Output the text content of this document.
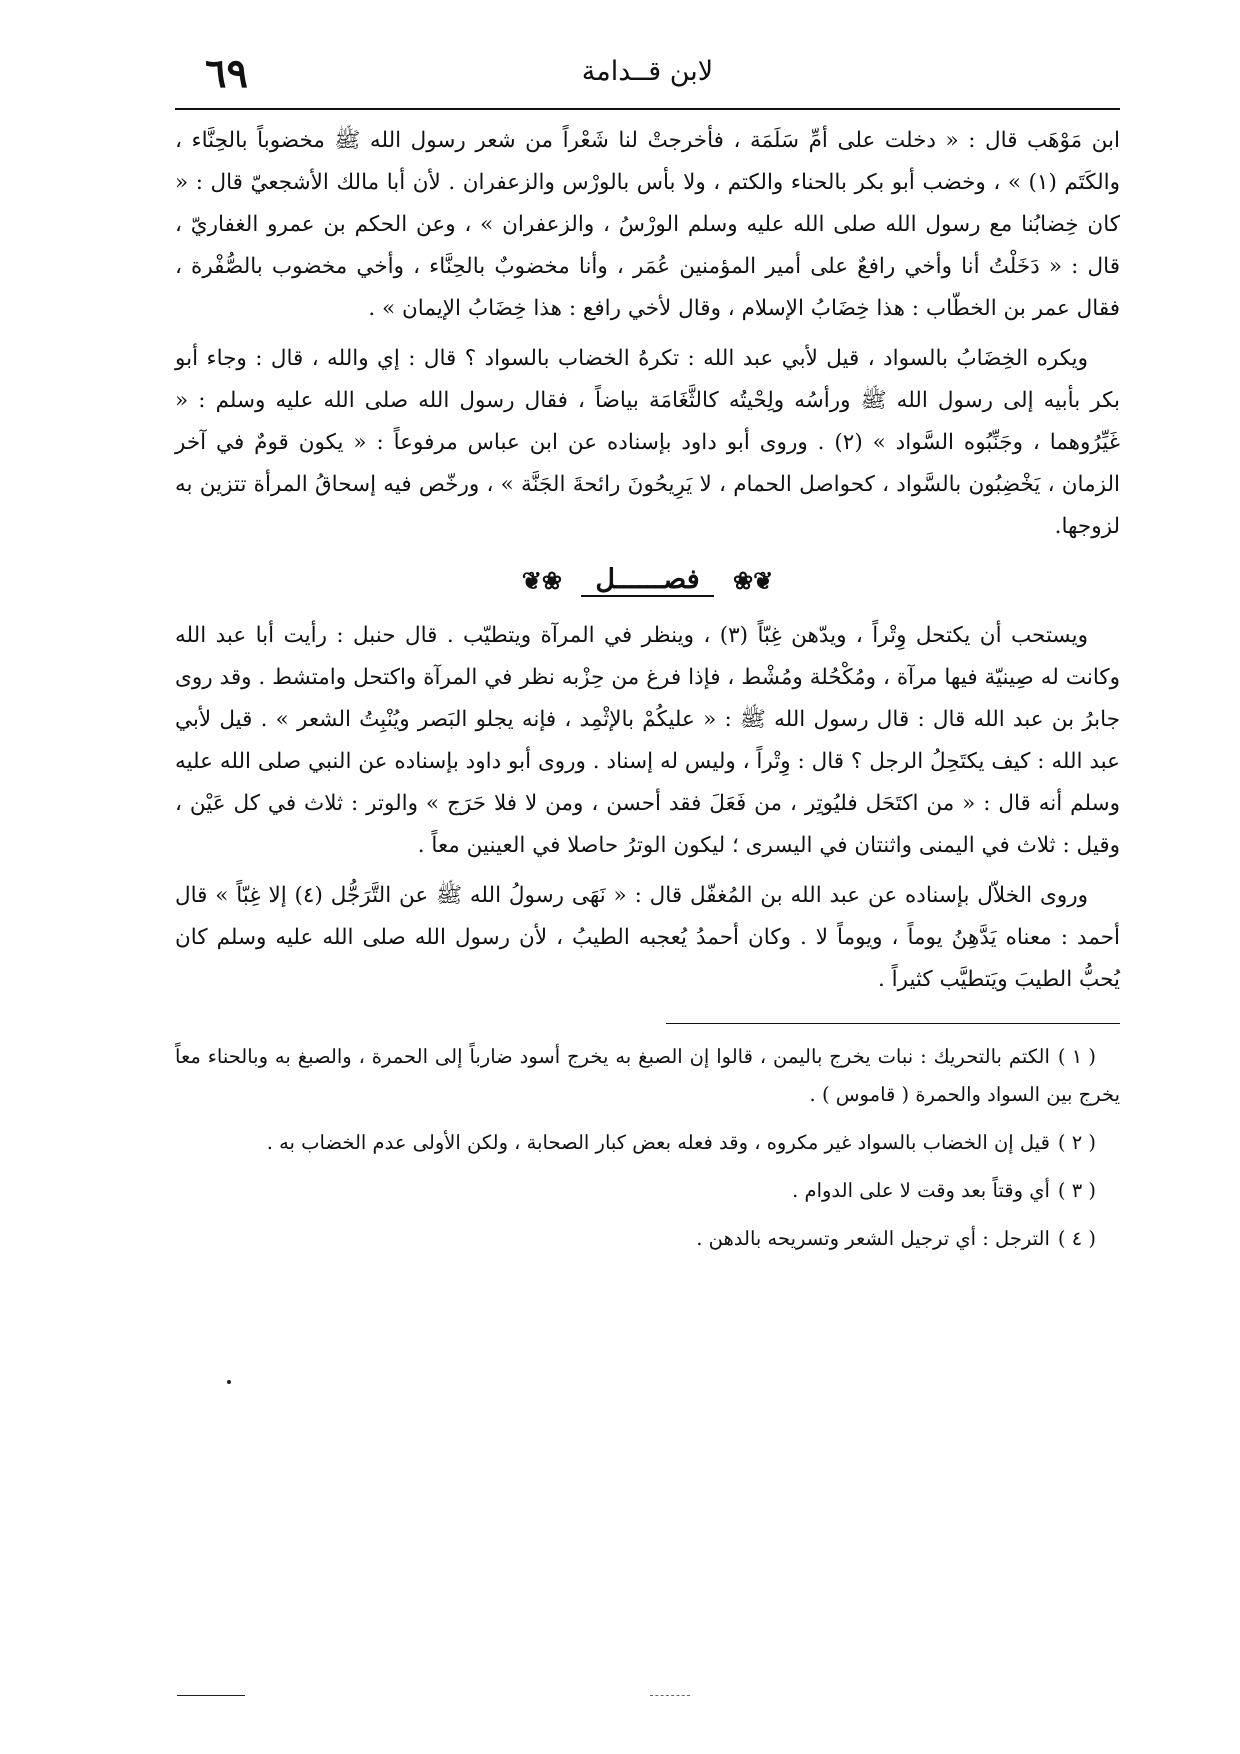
لابن قــدامة
٦٩

ابن مَوْهَب قال : « دخلت على أمِّ سَلَمَة ، فأخرجتْ لنا شَعْراً من شعر رسول الله ﷺ مخضوباً بالحِنَّاء ، والكَتَم (١) » ، وخضب أبو بكر بالحناء والكتم ، ولا بأس بالورْس والزعفران . لأن أبا مالك الأشجعيّ قال : « كان خِضابُنا مع رسول الله صلى الله عليه وسلم الورْسُ ، والزعفران » ، وعن الحكم بن عمرو الغفاريّ ، قال : « دَخَلْتُ أنا وأخي رافعٌ على أمير المؤمنين عُمَر ، وأنا مخضوبٌ بالحِنَّاء ، وأخي مخضوب بالصُّفْرة ، فقال عمر بن الخطّاب : هذا خِضَابُ الإسلام ، وقال لأخي رافع : هذا خِضَابُ الإيمان » .

ويكره الخِضَابُ بالسواد ، قيل لأبي عبد الله : تكرهُ الخضاب بالسواد ؟ قال : إي والله ، قال : وجاء أبو بكر بأبيه إلى رسول الله ﷺ ورأسُه ولِحْيتُه كالثَّغَامَة بياضاً ، فقال رسول الله صلى الله عليه وسلم : « غَيِّرُوهما ، وجَنِّبُوه السَّواد » (٢) . وروى أبو داود بإسناده عن ابن عباس مرفوعاً : « يكون قومٌ في آخر الزمان ، يَخْضِبُون بالسَّواد ، كحواصل الحمام ، لا يَرِيحُونَ رائحةَ الجَنَّة » ، ورخّص فيه إسحاقُ المرأة تتزين به لزوجها.

❦❀ فصــــــل ❀❦

ويستحب أن يكتحل وِتْراً ، ويدّهن غِبّاً (٣) ، وينظر في المرآة ويتطيّب . قال حنبل : رأيت أبا عبد الله وكانت له صِينيّة فيها مرآة ، ومُكْحُلة ومُشْط ، فإذا فرغ من حِزْبه نظر في المرآة واكتحل وامتشط . وقد روى جابرُ بن عبد الله قال : قال رسول الله ﷺ : « عليكُمْ بالإثْمِد ، فإنه يجلو البَصر ويُنْبِتُ الشعر » . قيل لأبي عبد الله : كيف يكتَحِلُ الرجل ؟ قال : وِتْراً ، وليس له إسناد . وروى أبو داود بإسناده عن النبي صلى الله عليه وسلم أنه قال : « من اكتَحَل فليُوتِر ، من فَعَلَ فقد أحسن ، ومن لا فلا حَرَج » والوتر : ثلاث في كل عَيْن ، وقيل : ثلاث في اليمنى واثنتان في اليسرى ؛ ليكون الوترُ حاصلا في العينين معاً .

وروى الخلاّل بإسناده عن عبد الله بن المُغفّل قال : « نَهَى رسولُ الله ﷺ عن التَّرَجُّل (٤) إلا غِبّاً » قال أحمد : معناه يَدَّهِنُ يوماً ، ويوماً لا . وكان أحمدُ يُعجبه الطيبُ ، لأن رسول الله صلى الله عليه وسلم كان يُحبُّ الطيبَ ويَتطيَّب كثيراً .

( ١ )الكتم بالتحريك : نبات يخرج باليمن ، قالوا إن الصبغ به يخرج أسود ضارباً إلى الحمرة ، والصبغ به وبالحناء معاً يخرج بين السواد والحمرة ( قاموس ) .

( ٢ )قيل إن الخضاب بالسواد غير مكروه ، وقد فعله بعض كبار الصحابة ، ولكن الأولى عدم الخضاب به .

( ٣ )أي وقتاً بعد وقت لا على الدوام .

( ٤ )الترجل : أي ترجيل الشعر وتسريحه بالدهن .
